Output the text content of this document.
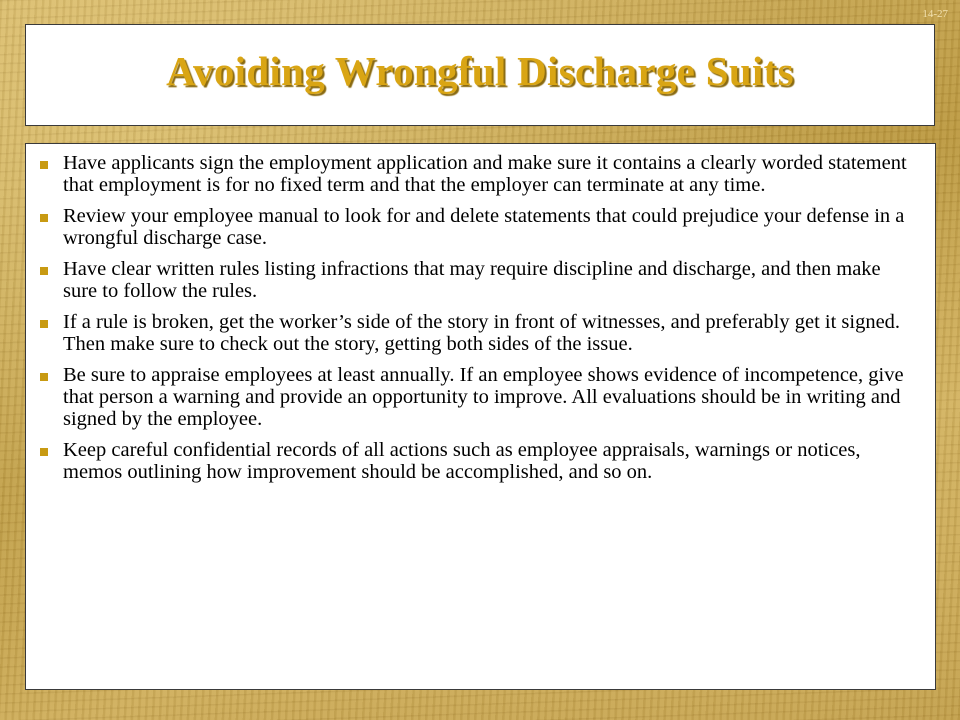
14-27
Avoiding Wrongful Discharge Suits
Have applicants sign the employment application and make sure it contains a clearly worded statement that employment is for no fixed term and that the employer can terminate at any time.
Review your employee manual to look for and delete statements that could prejudice your defense in a wrongful discharge case.
Have clear written rules listing infractions that may require discipline and discharge, and then make sure to follow the rules.
If a rule is broken, get the worker’s side of the story in front of witnesses, and preferably get it signed. Then make sure to check out the story, getting both sides of the issue.
Be sure to appraise employees at least annually. If an employee shows evidence of incompetence, give that person a warning and provide an opportunity to improve. All evaluations should be in writing and signed by the employee.
Keep careful confidential records of all actions such as employee appraisals, warnings or notices, memos outlining how improvement should be accomplished, and so on.
